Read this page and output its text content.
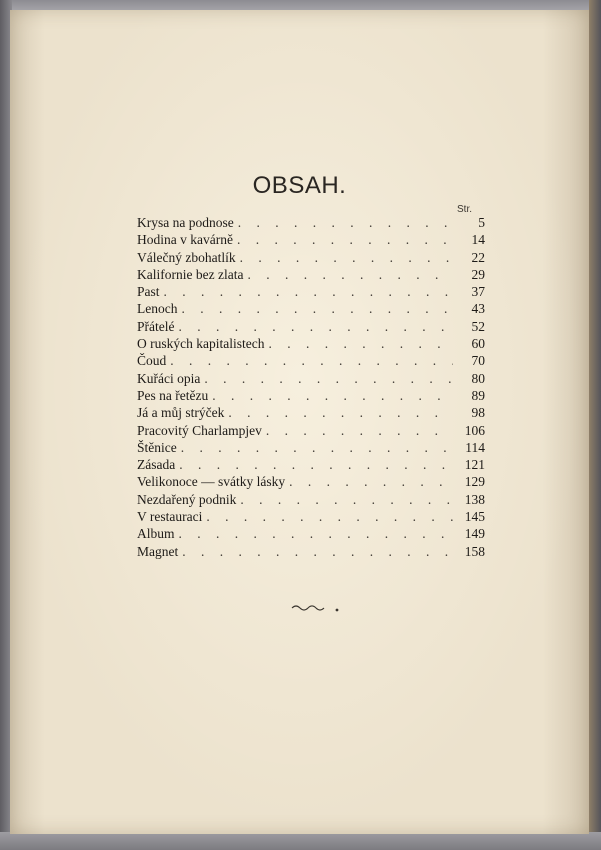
OBSAH.
Str.
Krysa na podnose . . .	5
Hodina v kavárně . . .	14
Válečný zbohatlík . . .	22
Kalifornie bez zlata . . .	29
Past . . .	37
Lenoch . . .	43
Přátelé . . .	52
O ruských kapitalistech . . .	60
Čoud . . .	70
Kuřáci opia . . .	80
Pes na řetězu . . .	89
Já a můj strýček . . .	98
Pracovitý Charlampjev . . .	106
Štěnice . . .	114
Zásada . . .	121
Velikonoce — svátky lásky . . .	129
Nezdařený podnik . . .	138
V restauraci . . .	145
Album . . .	149
Magnet . . .	158
